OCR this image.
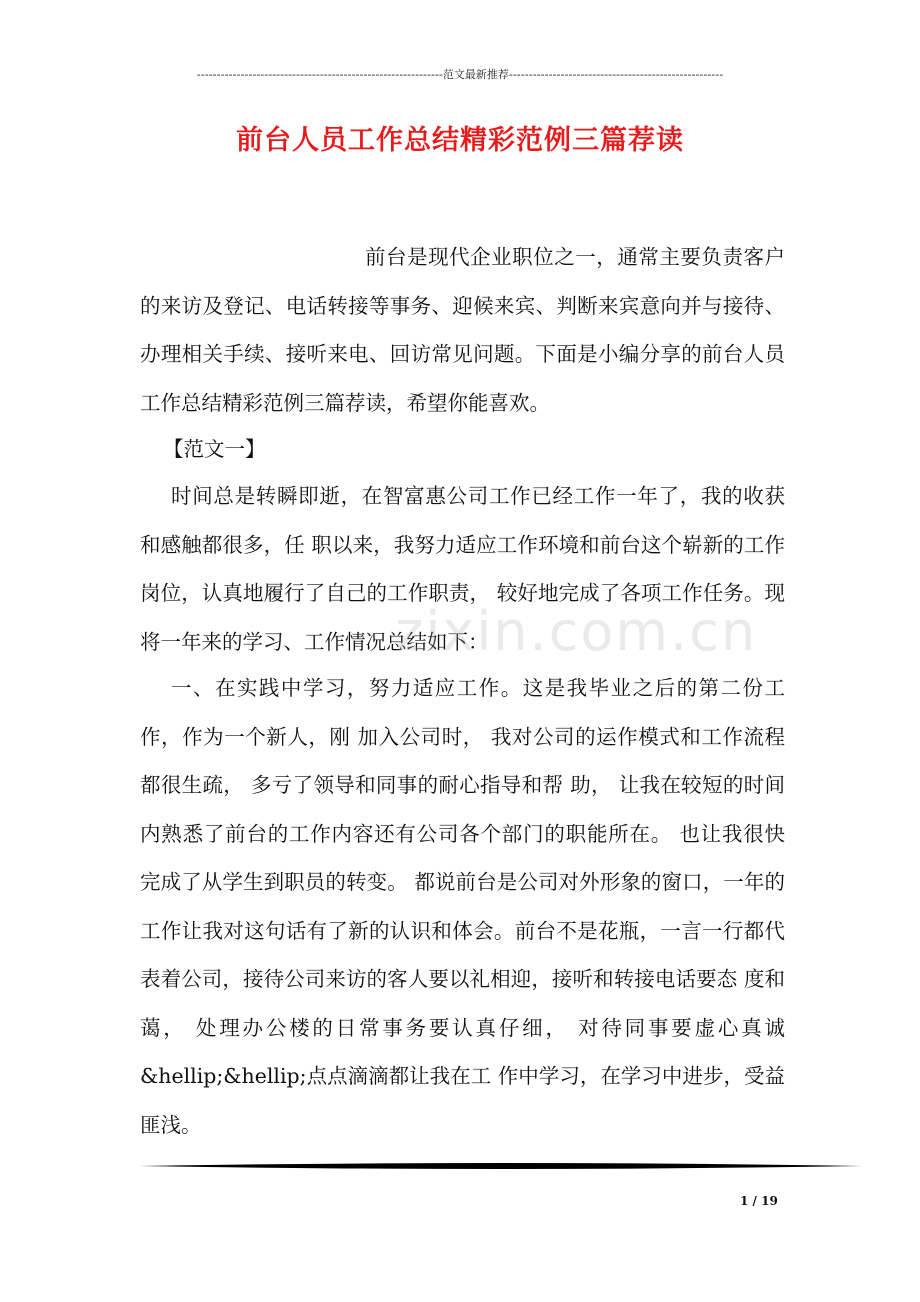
--------------------------------------------------------------范文最新推荐------------------------------------------------------
前台人员工作总结精彩范例三篇荐读

前台是现代企业职位之一，通常主要负责客户的来访及登记、电话转接等事务、迎候来宾、判断来宾意向并与接待、办理相关手续、接听来电、回访常见问题。下面是小编分享的前台人员工作总结精彩范例三篇荐读，希望你能喜欢。

【范文一】

时间总是转瞬即逝，在智富惠公司工作已经工作一年了，我的收获和感触都很多，任 职以来，我努力适应工作环境和前台这个崭新的工作岗位，认真地履行了自己的工作职责， 较好地完成了各项工作任务。现将一年来的学习、工作情况总结如下：

一、在实践中学习，努力适应工作。这是我毕业之后的第二份工作，作为一个新人，刚 加入公司时， 我对公司的运作模式和工作流程都很生疏， 多亏了领导和同事的耐心指导和帮 助， 让我在较短的时间内熟悉了前台的工作内容还有公司各个部门的职能所在。 也让我很快 完成了从学生到职员的转变。 都说前台是公司对外形象的窗口，一年的工作让我对这句话有了新的认识和体会。前台不是花瓶，一言一行都代表着公司，接待公司来访的客人要以礼相迎，接听和转接电话要态 度和蔼， 处理办公楼的日常事务要认真仔细， 对待同事要虚心真诚&hellip;&hellip;点点滴滴都让我在工 作中学习，在学习中进步，受益匪浅。

zixin.com.cn
1 / 19
